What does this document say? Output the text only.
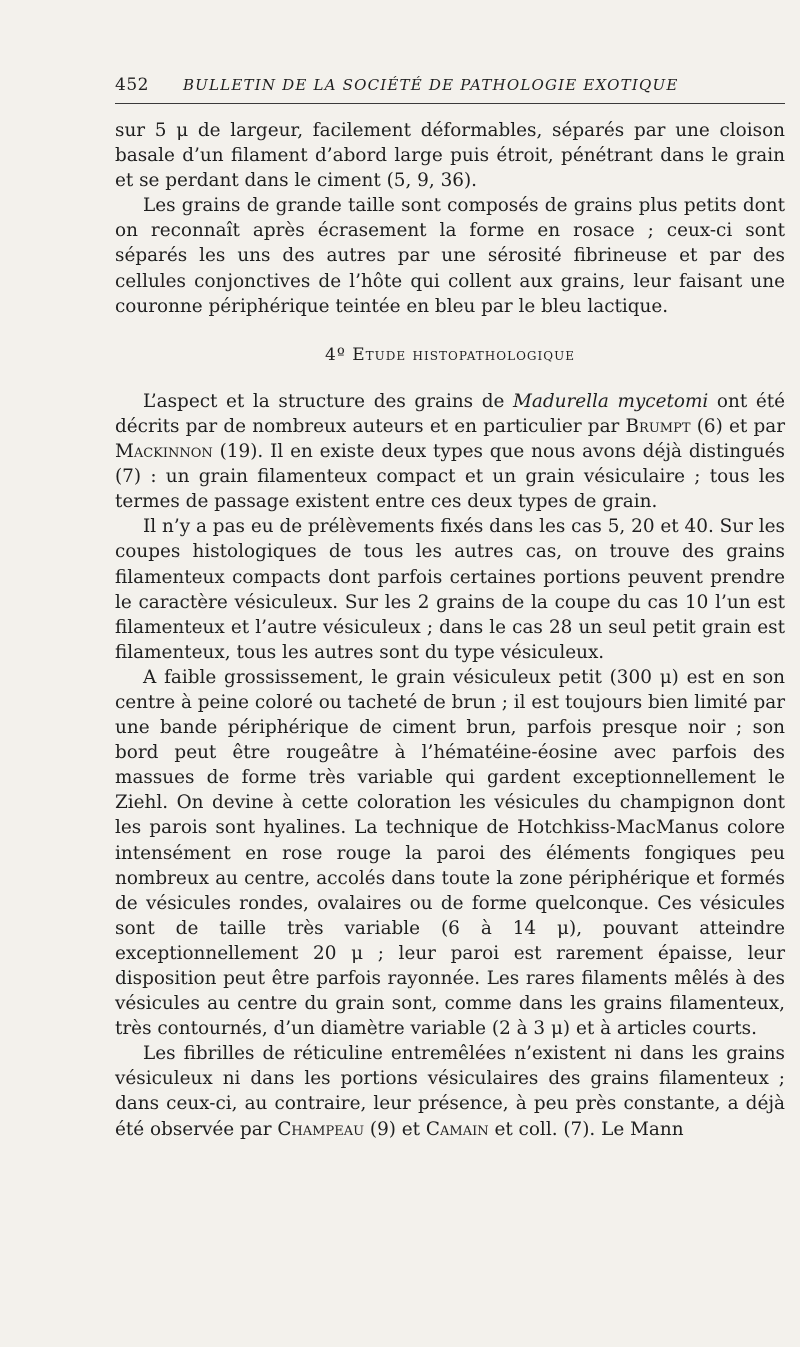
452 BULLETIN DE LA SOCIÉTÉ DE PATHOLOGIE EXOTIQUE

sur 5 μ de largeur, facilement déformables, séparés par une cloison basale d’un filament d’abord large puis étroit, pénétrant dans le grain et se perdant dans le ciment (5, 9, 36).

Les grains de grande taille sont composés de grains plus petits dont on reconnaît après écrasement la forme en rosace ; ceux-ci sont séparés les uns des autres par une sérosité fibrineuse et par des cellules conjonctives de l’hôte qui collent aux grains, leur faisant une couronne périphérique teintée en bleu par le bleu lactique.

4º Etude histopathologique

L’aspect et la structure des grains de Madurella mycetomi ont été décrits par de nombreux auteurs et en particulier par Brumpt (6) et par Mackinnon (19). Il en existe deux types que nous avons déjà distingués (7) : un grain filamenteux compact et un grain vésiculaire ; tous les termes de passage existent entre ces deux types de grain.

Il n’y a pas eu de prélèvements fixés dans les cas 5, 20 et 40. Sur les coupes histologiques de tous les autres cas, on trouve des grains filamenteux compacts dont parfois certaines portions peuvent prendre le caractère vésiculeux. Sur les 2 grains de la coupe du cas 10 l’un est filamenteux et l’autre vésiculeux ; dans le cas 28 un seul petit grain est filamenteux, tous les autres sont du type vésiculeux.

A faible grossissement, le grain vésiculeux petit (300 μ) est en son centre à peine coloré ou tacheté de brun ; il est toujours bien limité par une bande périphérique de ciment brun, parfois presque noir ; son bord peut être rougeâtre à l’hématéine-éosine avec parfois des massues de forme très variable qui gardent exceptionnellement le Ziehl. On devine à cette coloration les vésicules du champignon dont les parois sont hyalines. La technique de Hotchkiss-MacManus colore intensément en rose rouge la paroi des éléments fongiques peu nombreux au centre, accolés dans toute la zone périphérique et formés de vésicules rondes, ovalaires ou de forme quelconque. Ces vésicules sont de taille très variable (6 à 14 μ), pouvant atteindre exceptionnellement 20 μ ; leur paroi est rarement épaisse, leur disposition peut être parfois rayonnée. Les rares filaments mêlés à des vésicules au centre du grain sont, comme dans les grains filamenteux, très contournés, d’un diamètre variable (2 à 3 μ) et à articles courts.

Les fibrilles de réticuline entremêlées n’existent ni dans les grains vésiculeux ni dans les portions vésiculaires des grains filamenteux ; dans ceux-ci, au contraire, leur présence, à peu près constante, a déjà été observée par Champeau (9) et Camain et coll. (7). Le Mann
